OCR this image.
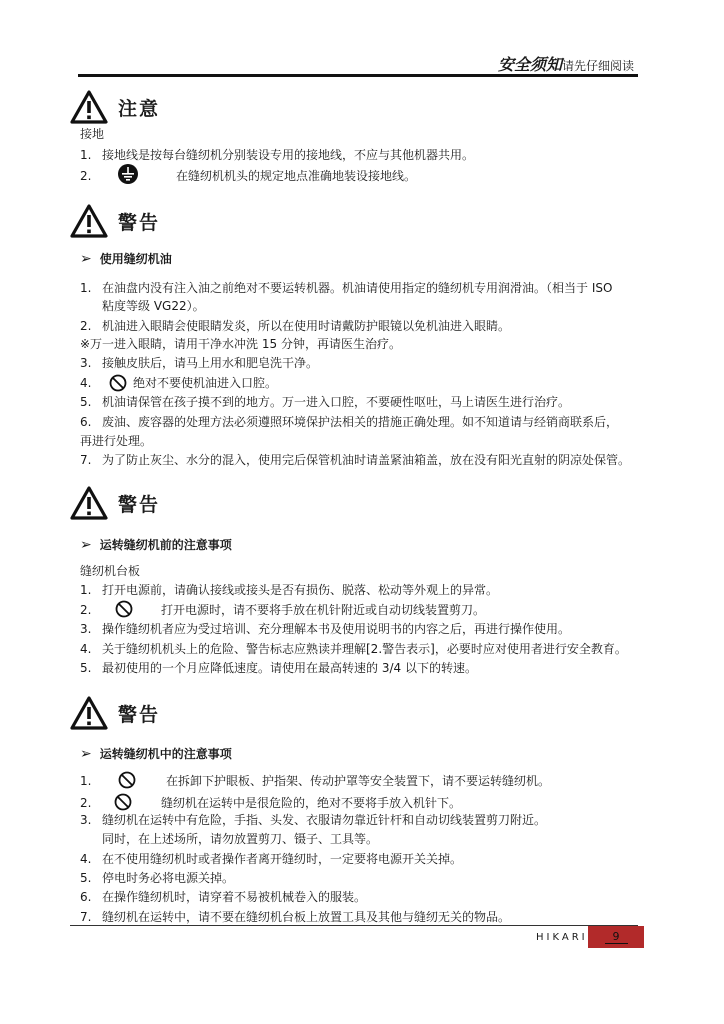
安全须知请先仔细阅读
注意
接地
1. 接地线是按每台缝纫机分别装设专用的接地线，不应与其他机器共用。
2.	在缝纫机机头的规定地点准确地装设接地线。
警告
➢ 使用缝纫机油
1. 在油盘内没有注入油之前绝对不要运转机器。机油请使用指定的缝纫机专用润滑油。（相当于 ISO
粘度等级 VG22）。
2. 机油进入眼睛会使眼睛发炎，所以在使用时请戴防护眼镜以免机油进入眼睛。
※万一进入眼睛，请用干净水冲洗 15 分钟，再请医生治疗。
3. 接触皮肤后，请马上用水和肥皂洗干净。
4.	绝对不要使机油进入口腔。
5. 机油请保管在孩子摸不到的地方。万一进入口腔，不要硬性呕吐，马上请医生进行治疗。
6. 废油、废容器的处理方法必须遵照环境保护法相关的措施正确处理。如不知道请与经销商联系后，
再进行处理。
7. 为了防止灰尘、水分的混入，使用完后保管机油时请盖紧油箱盖，放在没有阳光直射的阴凉处保管。
警告
➢ 运转缝纫机前的注意事项
缝纫机台板
1. 打开电源前，请确认接线或接头是否有损伤、脱落、松动等外观上的异常。
2.	打开电源时，请不要将手放在机针附近或自动切线装置剪刀。
3. 操作缝纫机者应为受过培训、充分理解本书及使用说明书的内容之后，再进行操作使用。
4. 关于缝纫机机头上的危险、警告标志应熟读并理解[2.警告表示]，必要时应对使用者进行安全教育。
5. 最初使用的一个月应降低速度。请使用在最高转速的 3/4 以下的转速。
警告
➢ 运转缝纫机中的注意事项
1.	在拆卸下护眼板、护指架、传动护罩等安全装置下，请不要运转缝纫机。
2.	缝纫机在运转中是很危险的，绝对不要将手放入机针下。
3. 缝纫机在运转中有危险，手指、头发、衣服请勿靠近针杆和自动切线装置剪刀附近。
同时，在上述场所，请勿放置剪刀、镊子、工具等。
4. 在不使用缝纫机时或者操作者离开缝纫时，一定要将电源开关关掉。
5. 停电时务必将电源关掉。
6. 在操作缝纫机时，请穿着不易被机械卷入的服装。
7. 缝纫机在运转中，请不要在缝纫机台板上放置工具及其他与缝纫无关的物品。
HIKARI	9
